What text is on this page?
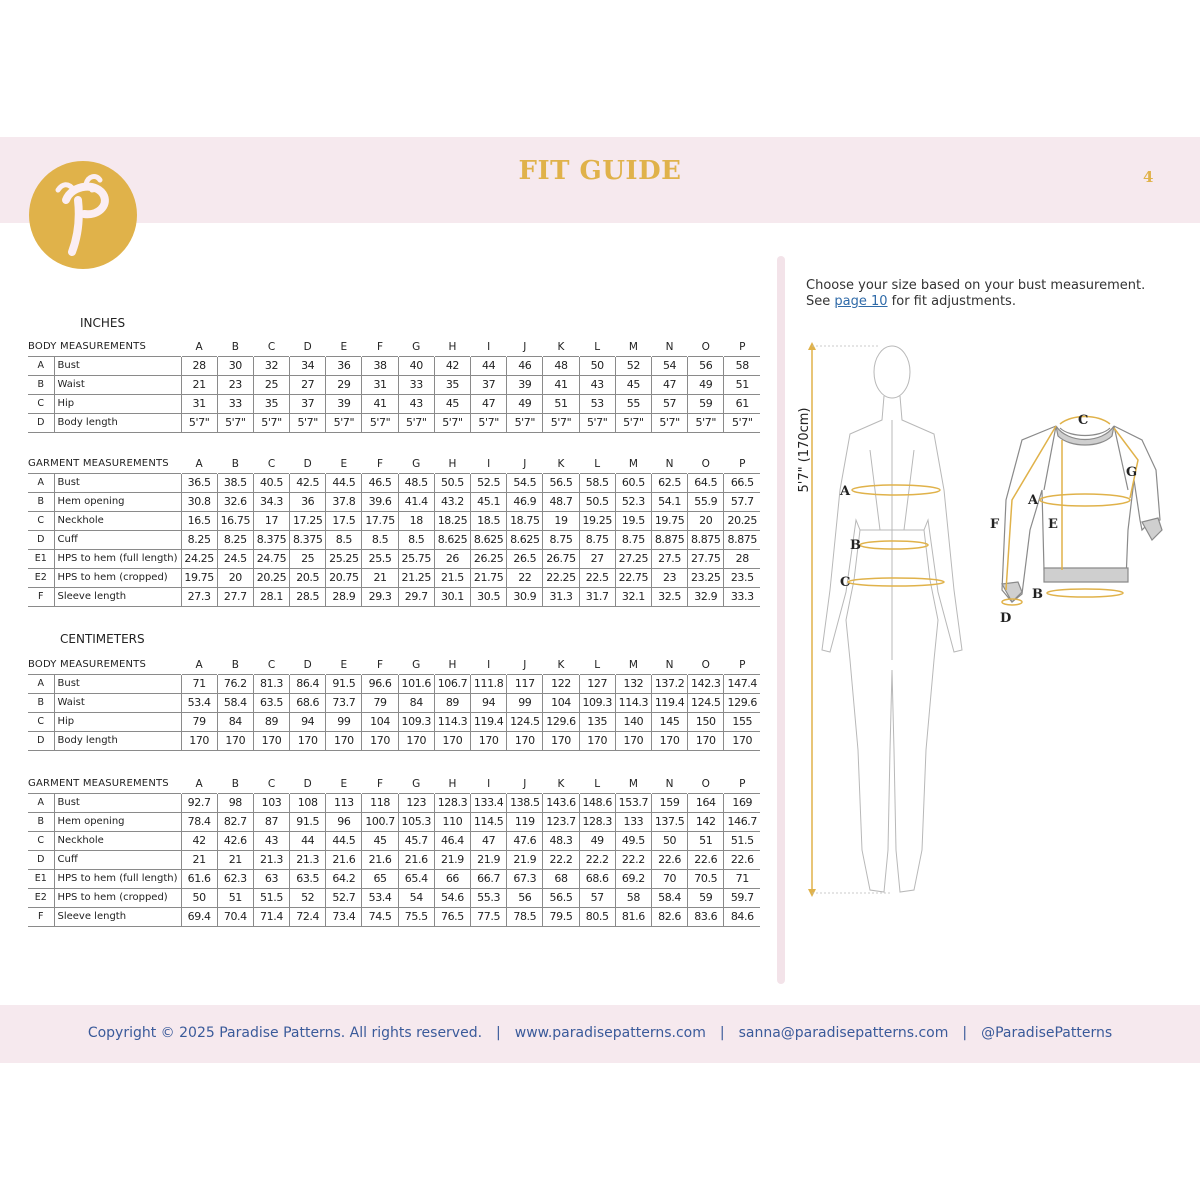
FIT GUIDE	4
INCHES
CENTIMETERS
BODY MEASUREMENTS		A	B	C	D	E	F	G	H	I	J	K	L	M	N	O	P
A	Bust	28	30	32	34	36	38	40	42	44	46	48	50	52	54	56	58
B	Waist	21	23	25	27	29	31	33	35	37	39	41	43	45	47	49	51
C	Hip	31	33	35	37	39	41	43	45	47	49	51	53	55	57	59	61
D	Body length	5'7"	5'7"	5'7"	5'7"	5'7"	5'7"	5'7"	5'7"	5'7"	5'7"	5'7"	5'7"	5'7"	5'7"	5'7"	5'7"
GARMENT MEASUREMENTS		A	B	C	D	E	F	G	H	I	J	K	L	M	N	O	P
A	Bust	36.5	38.5	40.5	42.5	44.5	46.5	48.5	50.5	52.5	54.5	56.5	58.5	60.5	62.5	64.5	66.5
B	Hem opening	30.8	32.6	34.3	36	37.8	39.6	41.4	43.2	45.1	46.9	48.7	50.5	52.3	54.1	55.9	57.7
C	Neckhole	16.5	16.75	17	17.25	17.5	17.75	18	18.25	18.5	18.75	19	19.25	19.5	19.75	20	20.25
D	Cuff	8.25	8.25	8.375	8.375	8.5	8.5	8.5	8.625	8.625	8.625	8.75	8.75	8.75	8.875	8.875	8.875
E1	HPS to hem (full length)	24.25	24.5	24.75	25	25.25	25.5	25.75	26	26.25	26.5	26.75	27	27.25	27.5	27.75	28
E2	HPS to hem (cropped)	19.75	20	20.25	20.5	20.75	21	21.25	21.5	21.75	22	22.25	22.5	22.75	23	23.25	23.5
F	Sleeve length	27.3	27.7	28.1	28.5	28.9	29.3	29.7	30.1	30.5	30.9	31.3	31.7	32.1	32.5	32.9	33.3
BODY MEASUREMENTS		A	B	C	D	E	F	G	H	I	J	K	L	M	N	O	P
A	Bust	71	76.2	81.3	86.4	91.5	96.6	101.6	106.7	111.8	117	122	127	132	137.2	142.3	147.4
B	Waist	53.4	58.4	63.5	68.6	73.7	79	84	89	94	99	104	109.3	114.3	119.4	124.5	129.6
C	Hip	79	84	89	94	99	104	109.3	114.3	119.4	124.5	129.6	135	140	145	150	155
D	Body length	170	170	170	170	170	170	170	170	170	170	170	170	170	170	170	170
GARMENT MEASUREMENTS		A	B	C	D	E	F	G	H	I	J	K	L	M	N	O	P
A	Bust	92.7	98	103	108	113	118	123	128.3	133.4	138.5	143.6	148.6	153.7	159	164	169
B	Hem opening	78.4	82.7	87	91.5	96	100.7	105.3	110	114.5	119	123.7	128.3	133	137.5	142	146.7
C	Neckhole	42	42.6	43	44	44.5	45	45.7	46.4	47	47.6	48.3	49	49.5	50	51	51.5
D	Cuff	21	21	21.3	21.3	21.6	21.6	21.6	21.9	21.9	21.9	22.2	22.2	22.2	22.6	22.6	22.6
E1	HPS to hem (full length)	61.6	62.3	63	63.5	64.2	65	65.4	66	66.7	67.3	68	68.6	69.2	70	70.5	71
E2	HPS to hem (cropped)	50	51	51.5	52	52.7	53.4	54	54.6	55.3	56	56.5	57	58	58.4	59	59.7
F	Sleeve length	69.4	70.4	71.4	72.4	73.4	74.5	75.5	76.5	77.5	78.5	79.5	80.5	81.6	82.6	83.6	84.6
Choose your size based on your bust measurement.
See page 10 for fit adjustments.
5'7" (170cm) A
B
C
C
G
A
E
F
B
D
Copyright © 2025 Paradise Patterns. All rights reserved. | www.paradisepatterns.com | sanna@paradisepatterns.com | @ParadisePatterns
